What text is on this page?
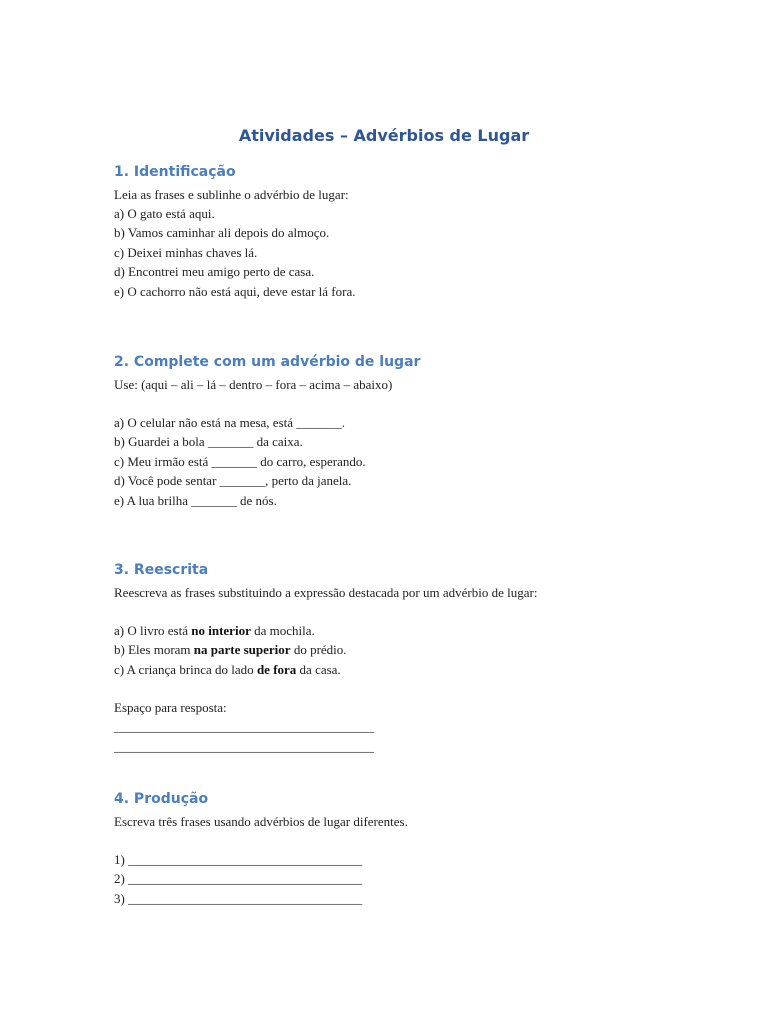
Atividades – Advérbios de Lugar
1. Identificação
Leia as frases e sublinhe o advérbio de lugar:
a) O gato está aqui.
b) Vamos caminhar ali depois do almoço.
c) Deixei minhas chaves lá.
d) Encontrei meu amigo perto de casa.
e) O cachorro não está aqui, deve estar lá fora.
2. Complete com um advérbio de lugar
Use: (aqui – ali – lá – dentro – fora – acima – abaixo)
a) O celular não está na mesa, está _______.
b) Guardei a bola _______ da caixa.
c) Meu irmão está _______ do carro, esperando.
d) Você pode sentar _______, perto da janela.
e) A lua brilha _______ de nós.
3. Reescrita
Reescreva as frases substituindo a expressão destacada por um advérbio de lugar:
a) O livro está no interior da mochila.
b) Eles moram na parte superior do prédio.
c) A criança brinca do lado de fora da casa.
Espaço para resposta:
________________________________________
________________________________________
4. Produção
Escreva três frases usando advérbios de lugar diferentes.
1) ____________________________________
2) ____________________________________
3) ____________________________________
